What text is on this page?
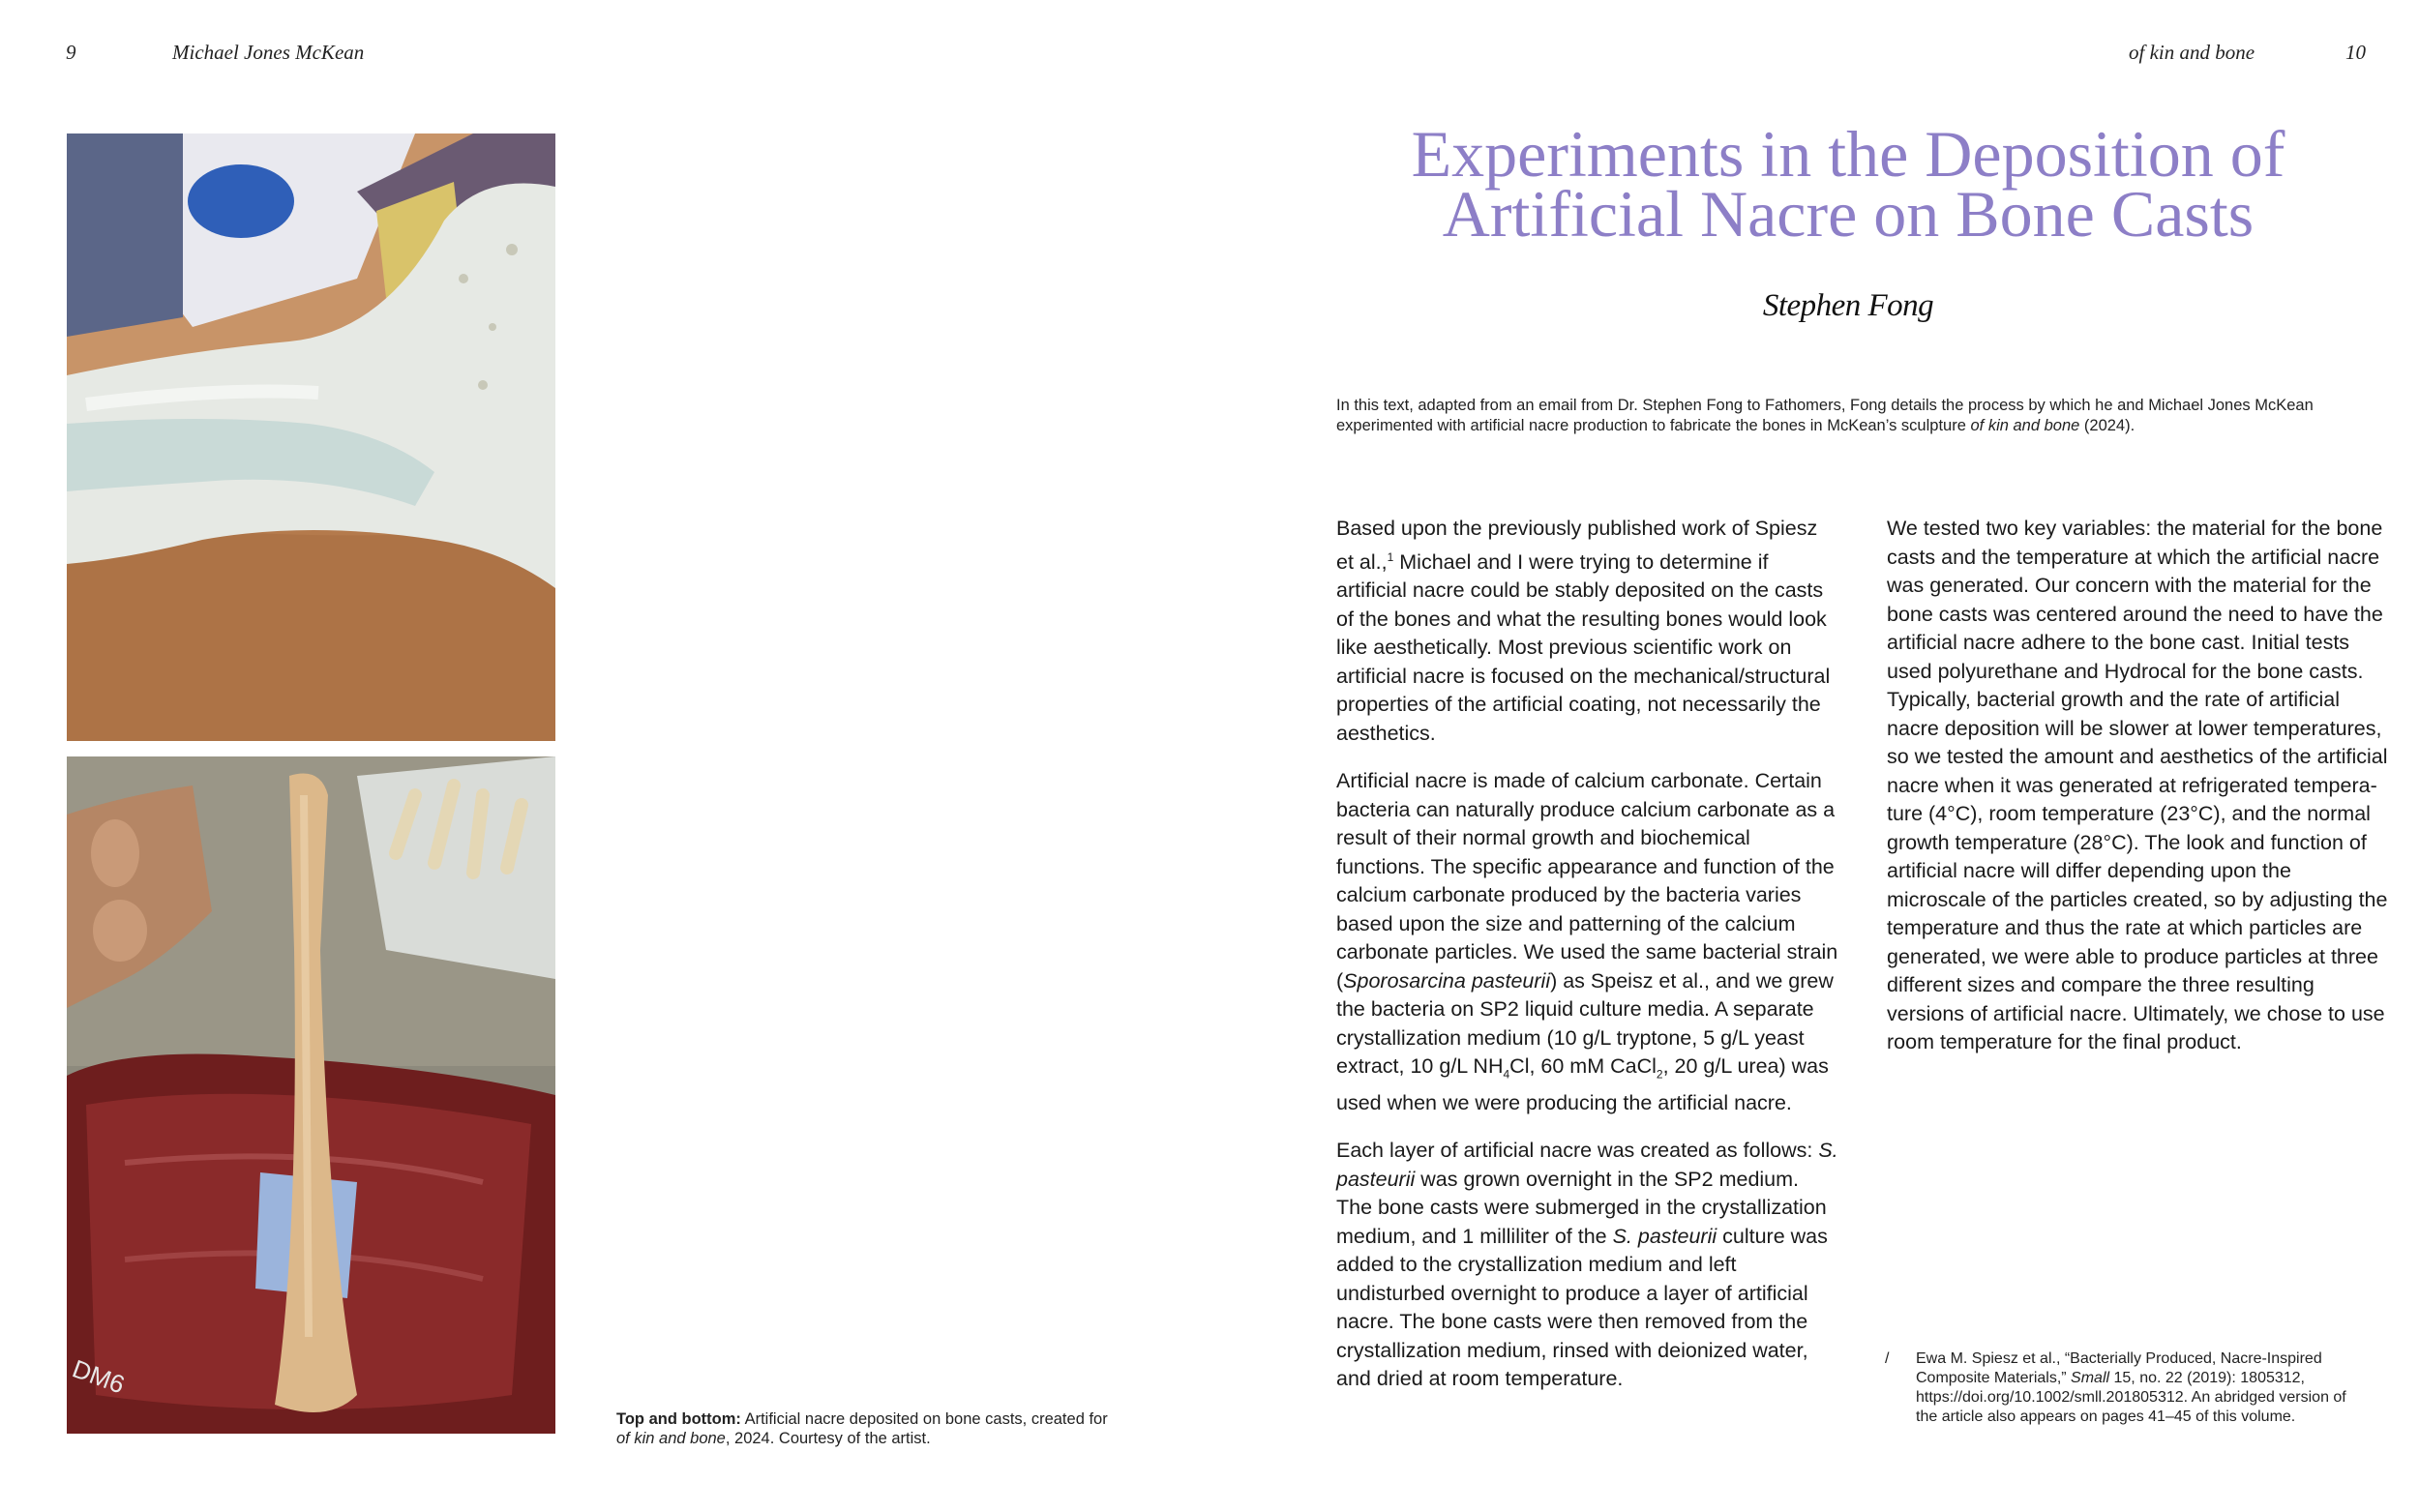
9	Michael Jones McKean	of kin and bone	10
DM6
Top and bottom: Artificial nacre deposited on bone casts, created for of kin and bone, 2024. Courtesy of the artist.
Experiments in the Deposition of
Artificial Nacre on Bone Casts
Stephen Fong
In this text, adapted from an email from Dr. Stephen Fong to Fathomers, Fong details the process by which he and Michael Jones McKean experimented with artificial nacre production to fabricate the bones in McKean’s sculpture of kin and bone (2024).

Based upon the previously published work of Spiesz et al.,$^1$ Michael and I were trying to determine if artificial nacre could be stably deposited on the casts of the bones and what the resulting bones would look like aesthetically. Most previous scientific work on artificial nacre is focused on the mechanical/structural properties of the artificial coating, not necessarily the aesthetics.

Artificial nacre is made of calcium carbonate. Certain bacteria can naturally produce calcium carbonate as a result of their normal growth and biochemical functions. The specific appearance and function of the calcium carbonate produced by the bacteria varies based upon the size and patterning of the calcium carbonate particles. We used the same bacterial strain (Sporosarcina pasteurii) as Speisz et al., and we grew the bacteria on SP2 liquid culture media. A separate crystallization medium (10 g/L tryptone, 5 g/L yeast extract, 10 g/L $NH_4Cl$, 60 mM CaCl$_2$, 20 g/L urea) was used when we were producing the artificial nacre.

Each layer of artificial nacre was created as follows: S. pasteurii was grown overnight in the SP2 medium. The bone casts were submerged in the crystallization medium, and 1 milliliter of the S. pasteurii culture was added to the crystallization medium and left undisturbed overnight to produce a layer of artificial nacre. The bone casts were then removed from the crystallization medium, rinsed with deionized water, and dried at room temperature.

We tested two key variables: the material for the bone casts and the temperature at which the artificial nacre was generated. Our concern with the material for the bone casts was centered around the need to have the artificial nacre adhere to the bone cast. Initial tests used polyurethane and Hydrocal for the bone casts. Typically, bacterial growth and the rate of artificial nacre deposition will be slower at lower temperatures, so we tested the amount and aesthetics of the artificial nacre when it was generated at refrigerated temperature (4°C), room temperature (23°C), and the normal growth temperature (28°C). The look and function of artificial nacre will differ depending upon the microscale of the particles created, so by adjusting the temperature and thus the rate at which particles are generated, we were able to produce particles at three different sizes and compare the three resulting versions of artificial nacre. Ultimately, we chose to use room temperature for the final product.

/ Ewa M. Spiesz et al., “Bacterially Produced, Nacre-Inspired Composite Materials,” Small 15, no. 22 (2019): 1805312, https://doi.org/10.1002/smll.201805312. An abridged version of the article also appears on pages 41–45 of this volume.
